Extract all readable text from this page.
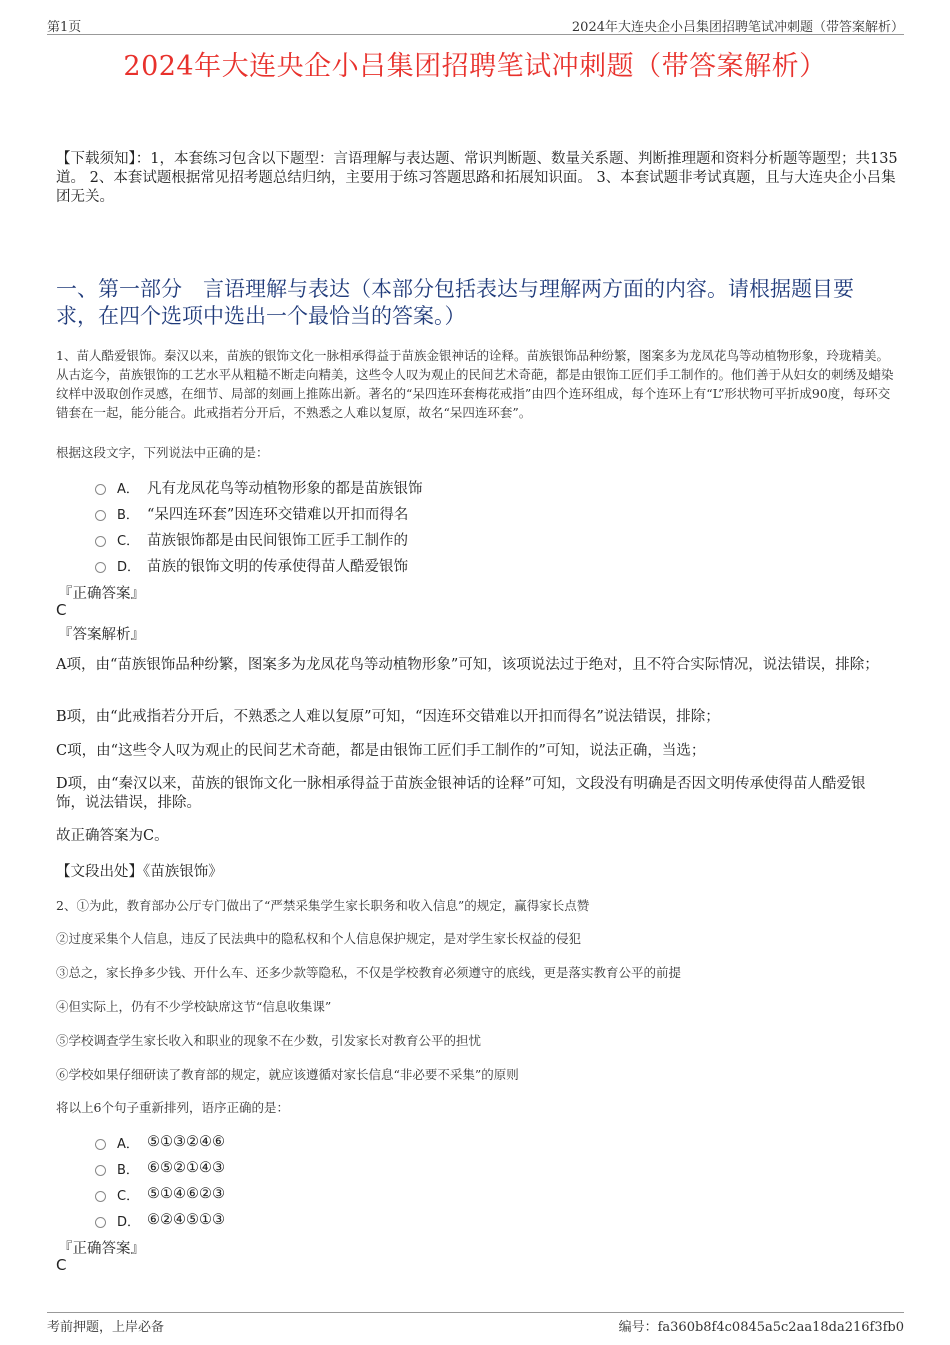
第1页	2024年大连央企小吕集团招聘笔试冲刺题（带答案解析）
2024年大连央企小吕集团招聘笔试冲刺题（带答案解析）
【下载须知】：1，本套练习包含以下题型：言语理解与表达题、常识判断题、数量关系题、判断推理题和资料分析题等题型；共135道。 2、本套试题根据常见招考题总结归纳，主要用于练习答题思路和拓展知识面。 3、本套试题非考试真题，且与大连央企小吕集团无关。
一、第一部分　言语理解与表达（本部分包括表达与理解两方面的内容。请根据题目要求，在四个选项中选出一个最恰当的答案。）
1、苗人酷爱银饰。秦汉以来，苗族的银饰文化一脉相承得益于苗族金银神话的诠释。苗族银饰品种纷繁，图案多为龙凤花鸟等动植物形象，玲珑精美。从古迄今，苗族银饰的工艺水平从粗糙不断走向精美，这些令人叹为观止的民间艺术奇葩，都是由银饰工匠们手工制作的。他们善于从妇女的刺绣及蜡染纹样中汲取创作灵感，在细节、局部的刻画上推陈出新。著名的“呆四连环套梅花戒指”由四个连环组成，每个连环上有“L”形状物可平折成90度，每环交错套在一起，能分能合。此戒指若分开后，不熟悉之人难以复原，故名“呆四连环套”。
根据这段文字，下列说法中正确的是：
A． 凡有龙凤花鸟等动植物形象的都是苗族银饰
B． “呆四连环套”因连环交错难以开扣而得名
C． 苗族银饰都是由民间银饰工匠手工制作的
D． 苗族的银饰文明的传承使得苗人酷爱银饰
『正确答案』
C
『答案解析』
A项，由“苗族银饰品种纷繁，图案多为龙凤花鸟等动植物形象”可知，该项说法过于绝对，且不符合实际情况，说法错误，排除；
B项，由“此戒指若分开后，不熟悉之人难以复原”可知，“因连环交错难以开扣而得名”说法错误，排除；
C项，由“这些令人叹为观止的民间艺术奇葩，都是由银饰工匠们手工制作的”可知，说法正确，当选；
D项，由“秦汉以来，苗族的银饰文化一脉相承得益于苗族金银神话的诠释”可知，文段没有明确是否因文明传承使得苗人酷爱银饰，说法错误，排除。
故正确答案为C。
【文段出处】《苗族银饰》
2、①为此，教育部办公厅专门做出了“严禁采集学生家长职务和收入信息”的规定，赢得家长点赞
②过度采集个人信息，违反了民法典中的隐私权和个人信息保护规定，是对学生家长权益的侵犯
③总之，家长挣多少钱、开什么车、还多少款等隐私，不仅是学校教育必须遵守的底线，更是落实教育公平的前提
④但实际上，仍有不少学校缺席这节“信息收集课”
⑤学校调查学生家长收入和职业的现象不在少数，引发家长对教育公平的担忧
⑥学校如果仔细研读了教育部的规定，就应该遵循对家长信息“非必要不采集”的原则
将以上6个句子重新排列，语序正确的是：
A． ⑤①③②④⑥
B． ⑥⑤②①④③
C． ⑤①④⑥②③
D． ⑥②④⑤①③
『正确答案』
C
考前押题，上岸必备	编号：fa360b8f4c0845a5c2aa18da216f3fb0
